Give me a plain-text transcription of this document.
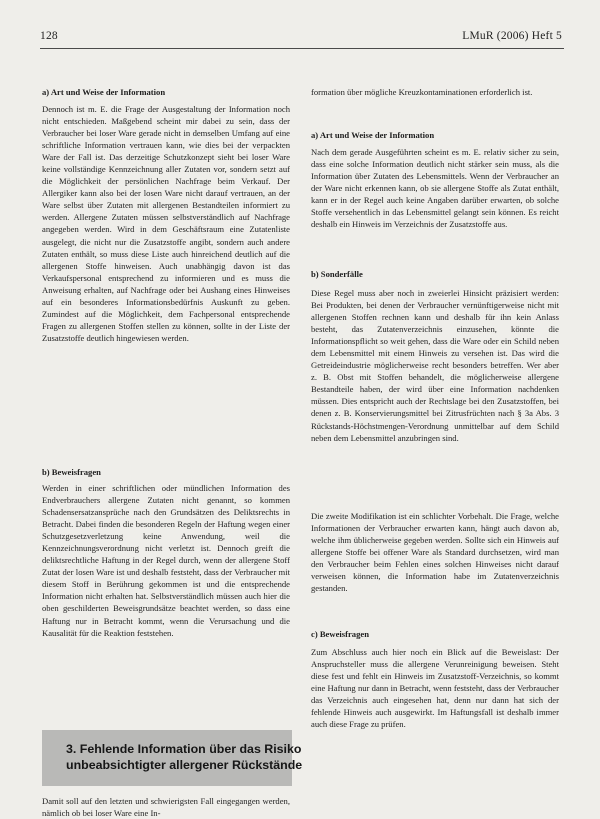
128	LMuR (2006) Heft 5
a) Art und Weise der Information

Dennoch ist m. E. die Frage der Ausgestaltung der Information noch nicht entschieden. Maßgebend scheint mir dabei zu sein, dass der Verbraucher bei loser Ware gerade nicht in demselben Umfang auf eine schriftliche Information vertrauen kann, wie dies bei der verpackten Ware der Fall ist. Das derzeitige Schutzkonzept sieht bei loser Ware keine vollständige Kennzeichnung aller Zutaten vor, sondern setzt auf die Möglichkeit der persönlichen Nachfrage beim Verkauf. Der Allergiker kann also bei der losen Ware nicht darauf vertrauen, an der Ware selbst über Zutaten mit allergenen Bestandteilen informiert zu werden. Allergene Zutaten müssen selbstverständlich auf Nachfrage angegeben werden. Wird in dem Geschäftsraum eine Zutatenliste ausgelegt, die nicht nur die Zusatzstoffe angibt, sondern auch andere Zutaten enthält, so muss diese Liste auch hinreichend deutlich auf die allergenen Stoffe hinweisen. Auch unabhängig davon ist das Verkaufspersonal entsprechend zu informieren und es muss die Anweisung erhalten, auf Nachfrage oder bei Aushang eines Hinweises auf ein besonderes Informationsbedürfnis Auskunft zu geben. Zumindest auf die Möglichkeit, dem Fachpersonal entsprechende Fragen zu allergenen Stoffen stellen zu können, sollte in der Liste der Zusatzstoffe deutlich hingewiesen werden.

b) Beweisfragen

Werden in einer schriftlichen oder mündlichen Information des Endverbrauchers allergene Zutaten nicht genannt, so kommen Schadensersatzansprüche nach den Grundsätzen des Deliktsrechts in Betracht. Dabei finden die besonderen Regeln der Haftung wegen einer Schutzgesetzverletzung keine Anwendung, weil die Kennzeichnungsverordnung nicht verletzt ist. Dennoch greift die deliktsrechtliche Haftung in der Regel durch, wenn der allergene Stoff Zutat der losen Ware ist und deshalb feststeht, dass der Verbraucher mit diesem Stoff in Berührung gekommen ist und die entsprechende Information nicht erhalten hat. Selbstverständlich müssen auch hier die oben geschilderten Beweisgrundsätze beachtet werden, so dass eine Haftung nur in Betracht kommt, wenn die Verursachung und die Kausalität für die Reaktion feststehen.

3. Fehlende Information über das Risiko
unbeabsichtigter allergener Rückstände

formation über mögliche Kreuzkontaminationen erforderlich ist.

a) Art und Weise der Information

Nach dem gerade Ausgeführten scheint es m. E. relativ sicher zu sein, dass eine solche Information deutlich nicht stärker sein muss, als die Information über Zutaten des Lebensmittels. Wenn der Verbraucher an der Ware nicht erkennen kann, ob sie allergene Stoffe als Zutat enthält, kann er in der Regel auch keine Angaben darüber erwarten, ob solche Stoffe versehentlich in das Lebensmittel gelangt sein können. Es reicht deshalb ein Hinweis im Verzeichnis der Zusatzstoffe aus.

b) Sonderfälle

Diese Regel muss aber noch in zweierlei Hinsicht präzisiert werden: Bei Produkten, bei denen der Verbraucher vernünftigerweise nicht mit allergenen Stoffen rechnen kann und deshalb für ihn kein Anlass besteht, das Zutatenverzeichnis einzusehen, könnte die Informationspflicht so weit gehen, dass die Ware oder ein Schild neben dem Lebensmittel mit einem Hinweis zu versehen ist. Das wird die Getreideindustrie möglicherweise recht besonders betreffen. Wer aber z. B. Obst mit Stoffen behandelt, die möglicherweise allergene Bestandteile haben, der wird über eine Information nachdenken müssen. Dies entspricht auch der Rechtslage bei den Zusatzstoffen, bei denen z. B. Konservierungsmittel bei Zitrusfrüchten nach § 3a Abs. 3 Rückstands-Höchstmengen-Verordnung unmittelbar auf dem Schild neben dem Lebensmittel anzubringen sind.

Die zweite Modifikation ist ein schlichter Vorbehalt. Die Frage, welche Informationen der Verbraucher erwarten kann, hängt auch davon ab, welche ihm üblicherweise gegeben werden. Sollte sich ein Hinweis auf allergene Stoffe bei offener Ware als Standard durchsetzen, wird man den Verbraucher beim Fehlen eines solchen Hinweises nicht darauf verweisen können, die Information habe im Zutatenverzeichnis gestanden.

c) Beweisfragen

Zum Abschluss auch hier noch ein Blick auf die Beweislast: Der Anspruchsteller muss die allergene Verunreinigung beweisen. Steht diese fest und fehlt ein Hinweis im Zusatzstoff-Verzeichnis, so kommt eine Haftung nur dann in Betracht, wenn feststeht, dass der Verbraucher das Verzeichnis auch eingesehen hat, denn nur dann hat sich der fehlende Hinweis auch ausgewirkt. Im Haftungsfall ist deshalb immer auch diese Frage zu prüfen.

Damit soll auf den letzten und schwierigsten Fall eingegangen werden, nämlich ob bei loser Ware eine In-
